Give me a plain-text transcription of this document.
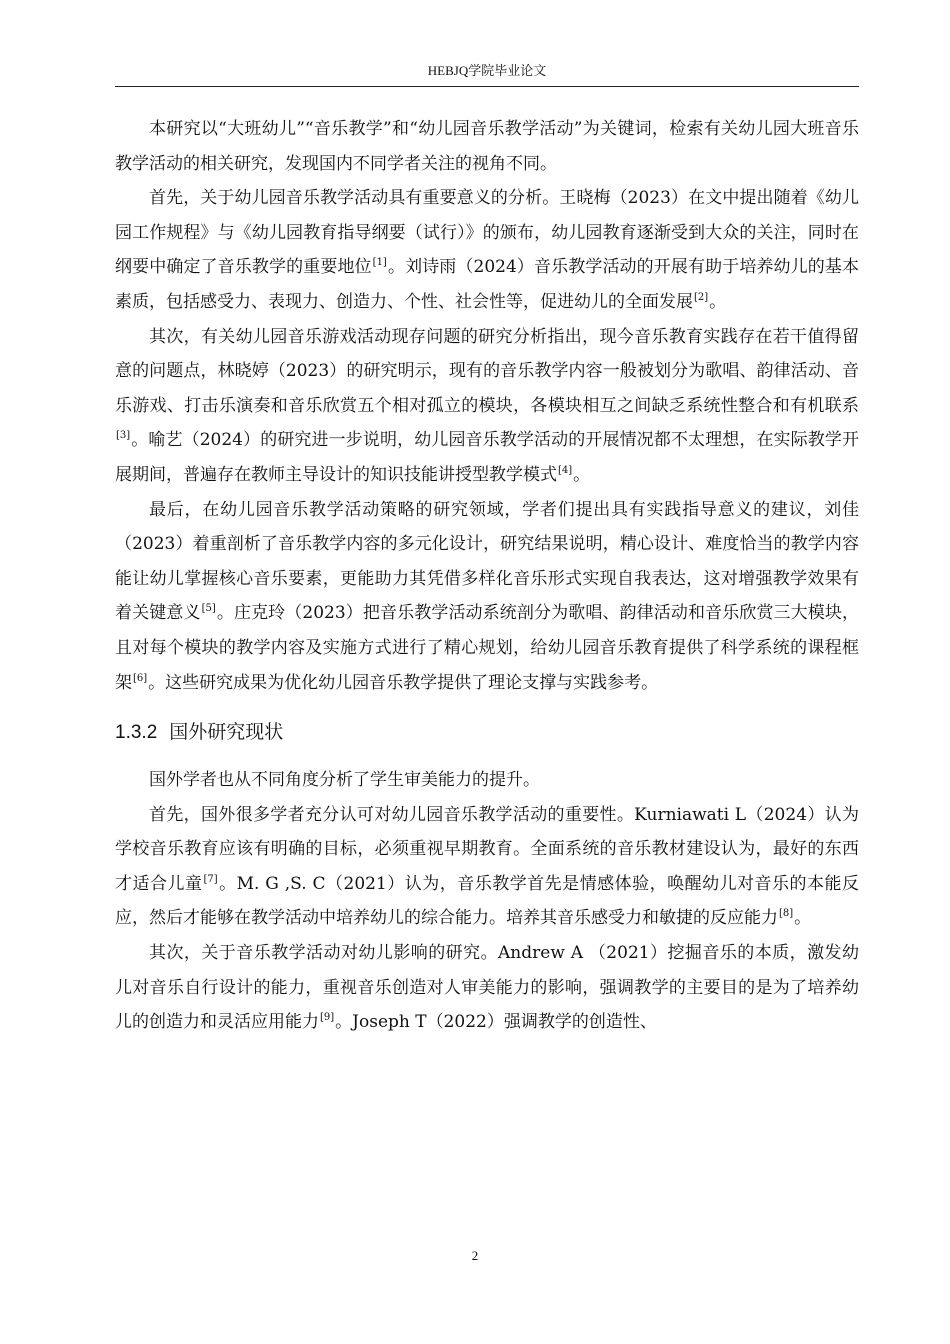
HEBJQ学院毕业论文

本研究以“大班幼儿”“音乐教学”和“幼儿园音乐教学活动”为关键词，检索有关幼儿园大班音乐教学活动的相关研究，发现国内不同学者关注的视角不同。

首先，关于幼儿园音乐教学活动具有重要意义的分析。王晓梅（2023）在文中提出随着《幼儿园工作规程》与《幼儿园教育指导纲要（试行）》的颁布，幼儿园教育逐渐受到大众的关注，同时在纲要中确定了音乐教学的重要地位[1]。刘诗雨（2024）音乐教学活动的开展有助于培养幼儿的基本素质，包括感受力、表现力、创造力、个性、社会性等，促进幼儿的全面发展[2]。

其次，有关幼儿园音乐游戏活动现存问题的研究分析指出，现今音乐教育实践存在若干值得留意的问题点，林晓婷（2023）的研究明示，现有的音乐教学内容一般被划分为歌唱、韵律活动、音乐游戏、打击乐演奏和音乐欣赏五个相对孤立的模块，各模块相互之间缺乏系统性整合和有机联系[3]。喻艺（2024）的研究进一步说明，幼儿园音乐教学活动的开展情况都不太理想，在实际教学开展期间，普遍存在教师主导设计的知识技能讲授型教学模式[4]。

最后，在幼儿园音乐教学活动策略的研究领域，学者们提出具有实践指导意义的建议，刘佳（2023）着重剖析了音乐教学内容的多元化设计，研究结果说明，精心设计、难度恰当的教学内容能让幼儿掌握核心音乐要素，更能助力其凭借多样化音乐形式实现自我表达，这对增强教学效果有着关键意义[5]。庄克玲（2023）把音乐教学活动系统剖分为歌唱、韵律活动和音乐欣赏三大模块，且对每个模块的教学内容及实施方式进行了精心规划，给幼儿园音乐教育提供了科学系统的课程框架[6]。这些研究成果为优化幼儿园音乐教学提供了理论支撑与实践参考。

1.3.2 国外研究现状

国外学者也从不同角度分析了学生审美能力的提升。

首先，国外很多学者充分认可对幼儿园音乐教学活动的重要性。Kurniawati L（2024）认为学校音乐教育应该有明确的目标，必须重视早期教育。全面系统的音乐教材建设认为，最好的东西才适合儿童[7]。M. G ,S. C（2021）认为，音乐教学首先是情感体验，唤醒幼儿对音乐的本能反应，然后才能够在教学活动中培养幼儿的综合能力。培养其音乐感受力和敏捷的反应能力[8]。

其次，关于音乐教学活动对幼儿影响的研究。Andrew A （2021）挖掘音乐的本质，激发幼儿对音乐自行设计的能力，重视音乐创造对人审美能力的影响，强调教学的主要目的是为了培养幼儿的创造力和灵活应用能力[9]。Joseph T（2022）强调教学的创造性、

2
